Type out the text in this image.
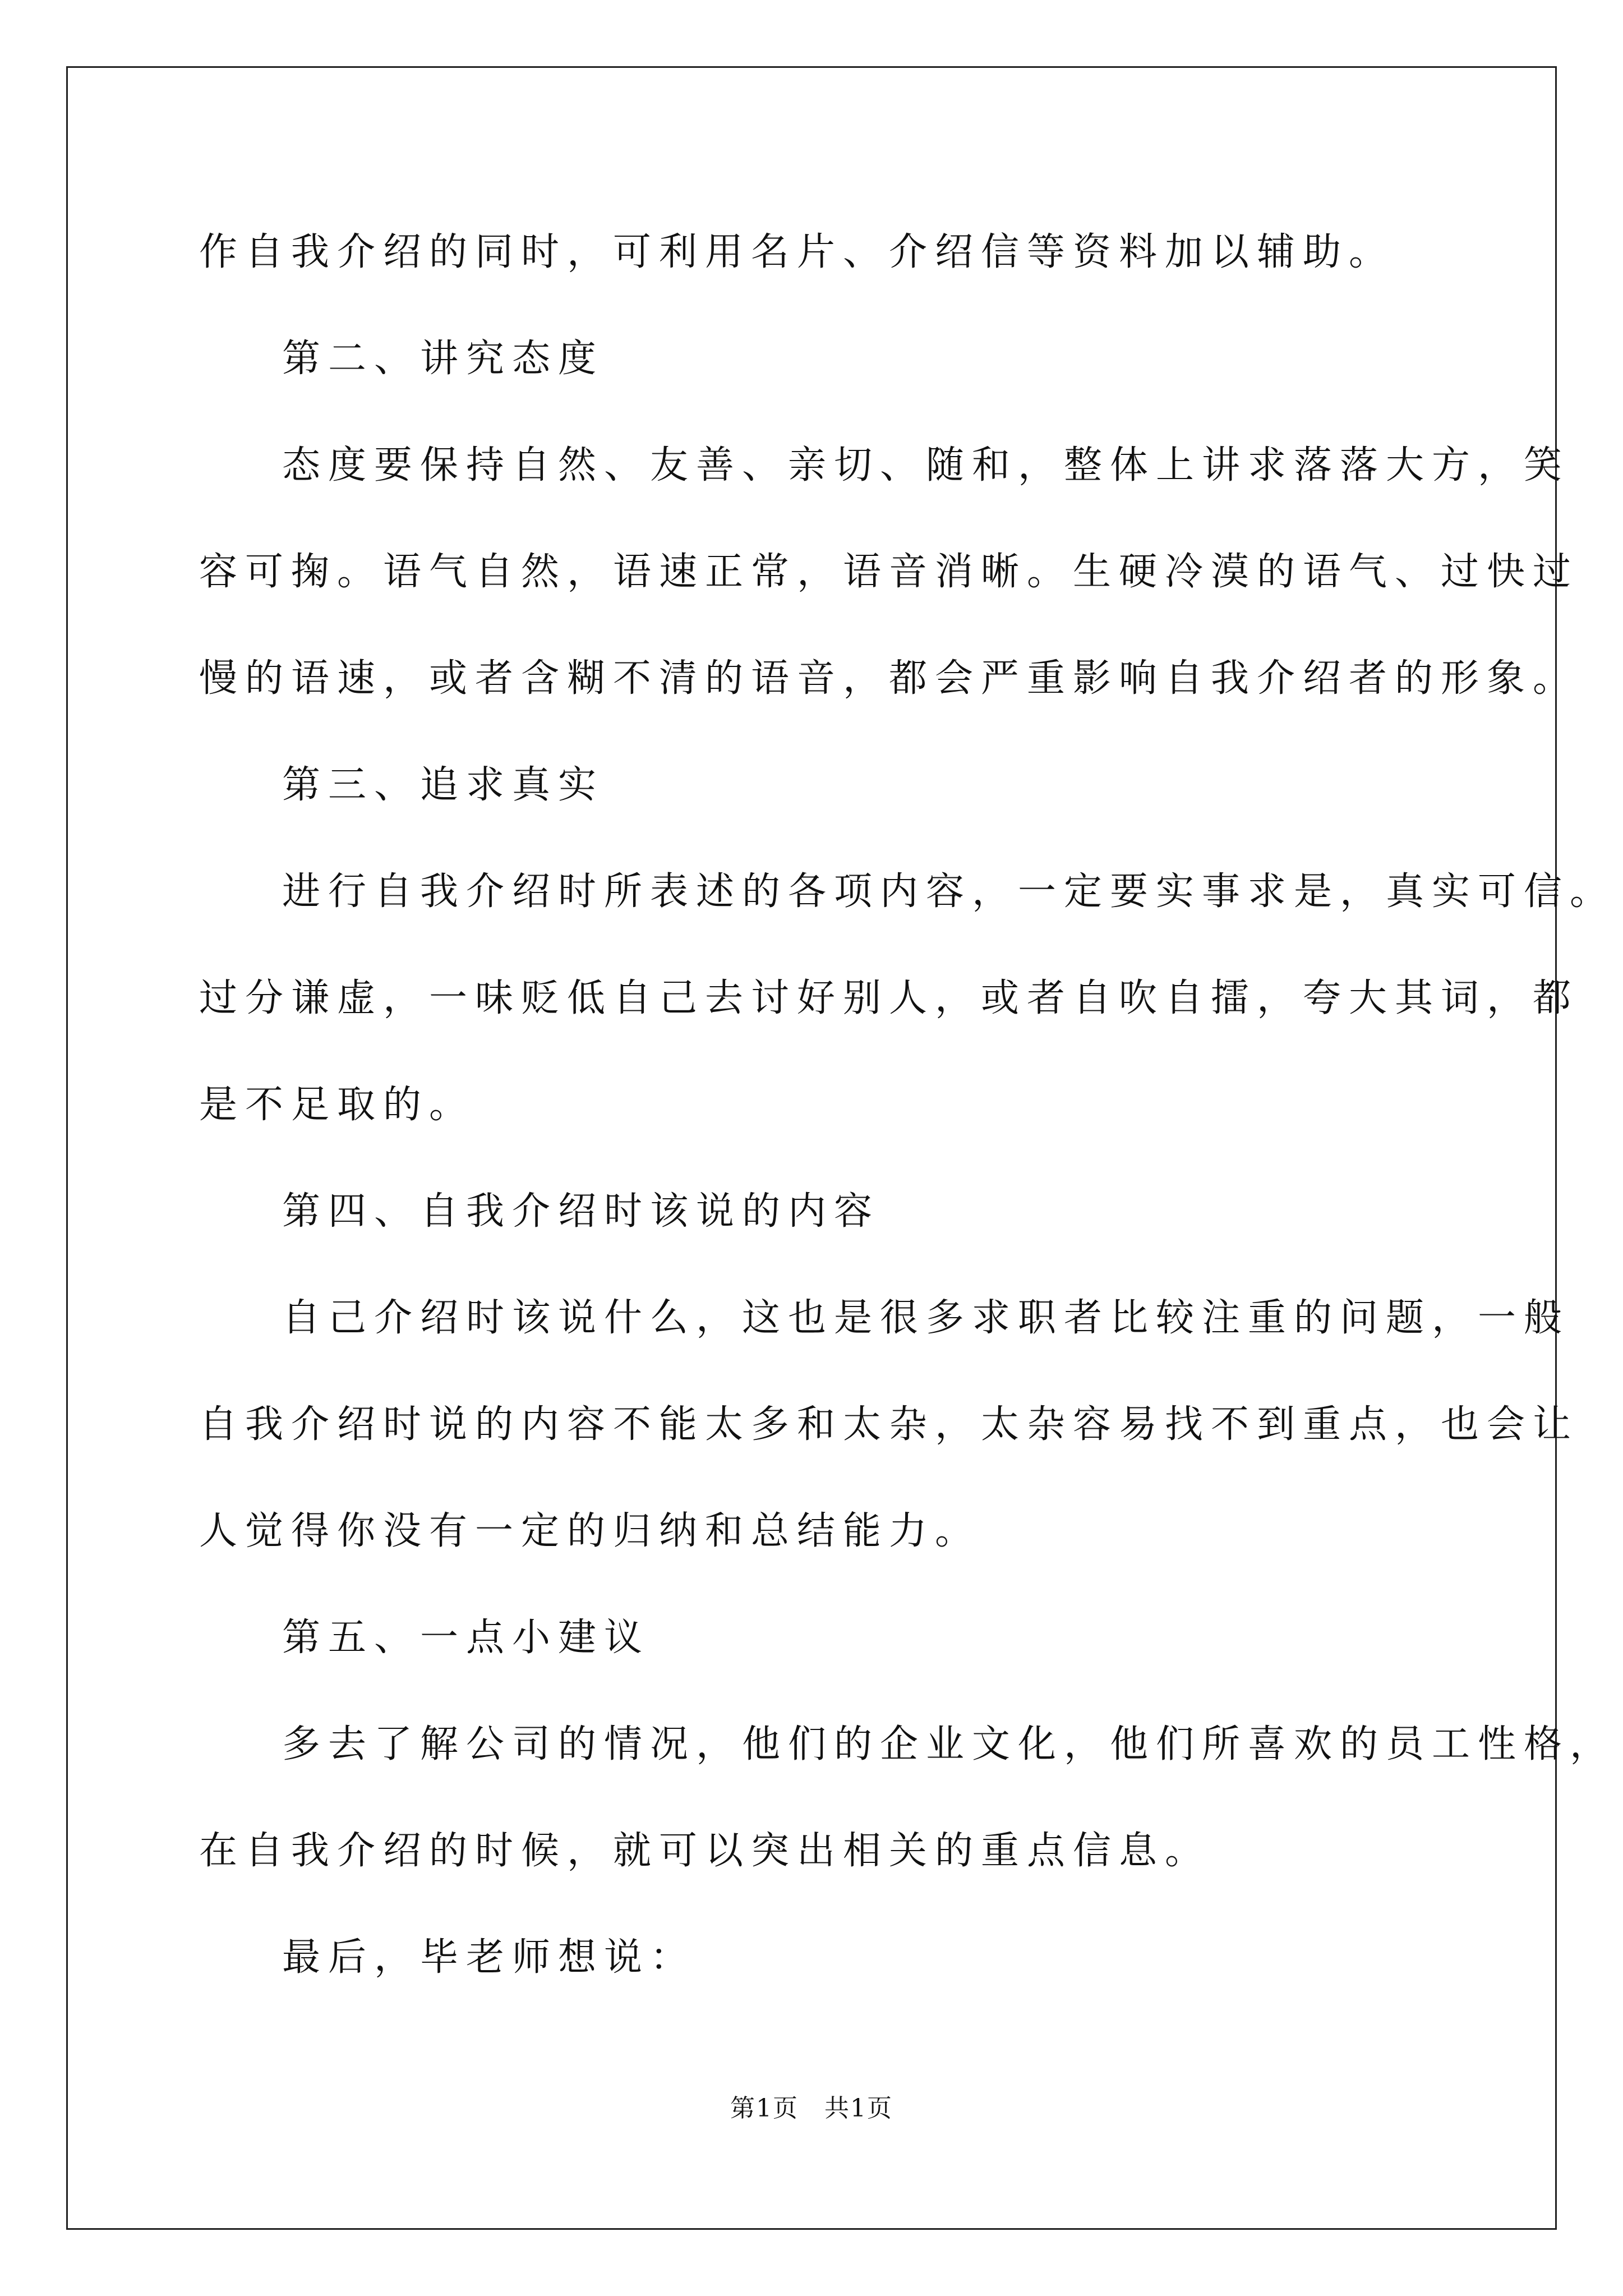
作自我介绍的同时，可利用名片、介绍信等资料加以辅助。
第二、讲究态度
态度要保持自然、友善、亲切、随和，整体上讲求落落大方，笑
容可掬。语气自然，语速正常，语音消晰。生硬冷漠的语气、过快过
慢的语速，或者含糊不清的语音，都会严重影响自我介绍者的形象。
第三、追求真实
进行自我介绍时所表述的各项内容，一定要实事求是，真实可信。
过分谦虚，一味贬低自己去讨好别人，或者自吹自擂，夸大其词，都
是不足取的。
第四、自我介绍时该说的内容
自己介绍时该说什么，这也是很多求职者比较注重的问题，一般
自我介绍时说的内容不能太多和太杂，太杂容易找不到重点，也会让
人觉得你没有一定的归纳和总结能力。
第五、一点小建议
多去了解公司的情况，他们的企业文化，他们所喜欢的员工性格，
在自我介绍的时候，就可以突出相关的重点信息。
最后，毕老师想说：
第1页 共1页
